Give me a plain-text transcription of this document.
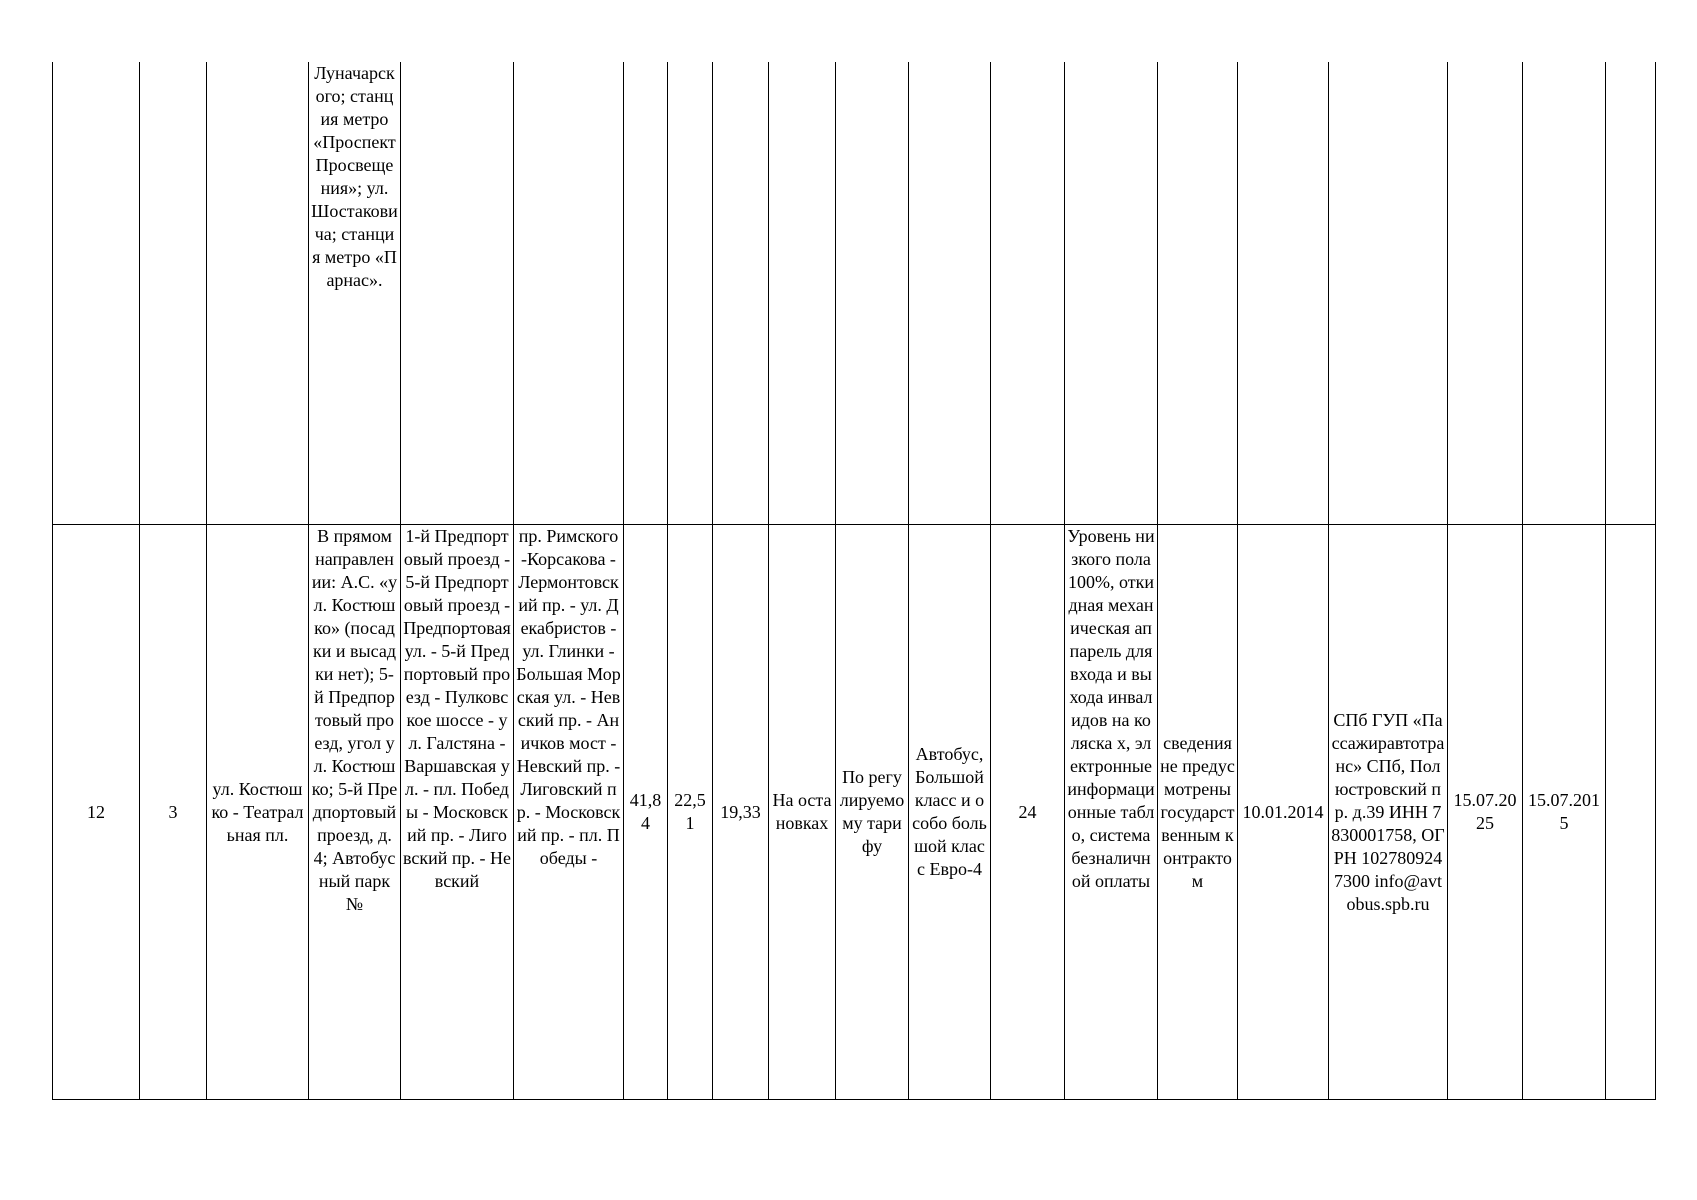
			Луначарского; станция метро «Проспект Просвещения»; ул. Шостаковича; станция метро «Парнас».																
12	3	ул. Костюшко - Театральная пл.	В прямом направлении: А.С. «ул. Костюшко» (посадки и высадки нет); 5-й Предпортовый проезд, угол ул. Костюшко; 5-й Предпортовый проезд, д. 4; Автобусный парк №	1-й Предпортовый проезд - 5-й Предпортовый проезд - Предпортовая ул. - 5-й Предпортовый проезд - Пулковское шоссе - ул. Галстяна - Варшавская ул. - пл. Победы - Московский пр. - Лиговский пр. - Невский	пр. Римского-Корсакова - Лермонтовский пр. - ул. Декабристов - ул. Глинки - Большая Морская ул. - Невский пр. - Аничков мост - Невский пр. - Лиговский пр. - Московский пр. - пл. Победы -	41,84	22,51	19,33	На остановках	По регулируемому тарифу	Автобус, Большой класс и особо большой класс Евро-4	24	Уровень низкого пола 100%, откидная механическая аппарель для входа и выхода инвалидов на коляска х, электронные информационные табло, система безналичной оплаты	сведения не предусмотрены государственным контрактом	10.01.2014	СПб ГУП «Пассажиравтотранс» СПб, Полюстровский пр. д.39 ИНН 7830001758, ОГРН 1027809247300 info@avtobus.spb.ru	15.07.2025	15.07.2015	
